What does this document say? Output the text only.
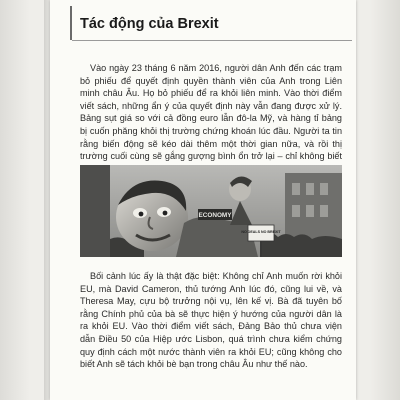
Tác động của Brexit

Vào ngày 23 tháng 6 năm 2016, người dân Anh đến các trạm bỏ phiếu để quyết định quyền thành viên của Anh trong Liên minh châu Âu. Họ bỏ phiếu để ra khỏi liên minh. Vào thời điểm viết sách, những ẩn ý của quyết định này vẫn đang được xử lý. Bảng sụt giá so với cả đồng euro lẫn đô-la Mỹ, và hàng tỉ bảng bị cuốn phăng khỏi thị trường chứng khoán lúc đầu. Người ta tin rằng biến động sẽ kéo dài thêm một thời gian nữa, và rồi thị trường cuối cùng sẽ gắng gượng bình ổn trở lại – chỉ không biết

ECONOMY
NO DEALS NO BREXIT

Bối cảnh lúc ấy là thật đặc biệt: Không chỉ Anh muốn rời khỏi EU, mà David Cameron, thủ tướng Anh lúc đó, cũng lui về, và Theresa May, cựu bộ trưởng nội vụ, lên kế vị. Bà đã tuyên bố rằng Chính phủ của bà sẽ thực hiện ý hướng của người dân là ra khỏi EU. Vào thời điểm viết sách, Đảng Bảo thủ chưa viện dẫn Điều 50 của Hiệp ước Lisbon, quá trình chưa kiểm chứng quy định cách một nước thành viên ra khỏi EU; cũng không cho biết Anh sẽ tách khỏi bè bạn trong châu Âu như thế nào.
